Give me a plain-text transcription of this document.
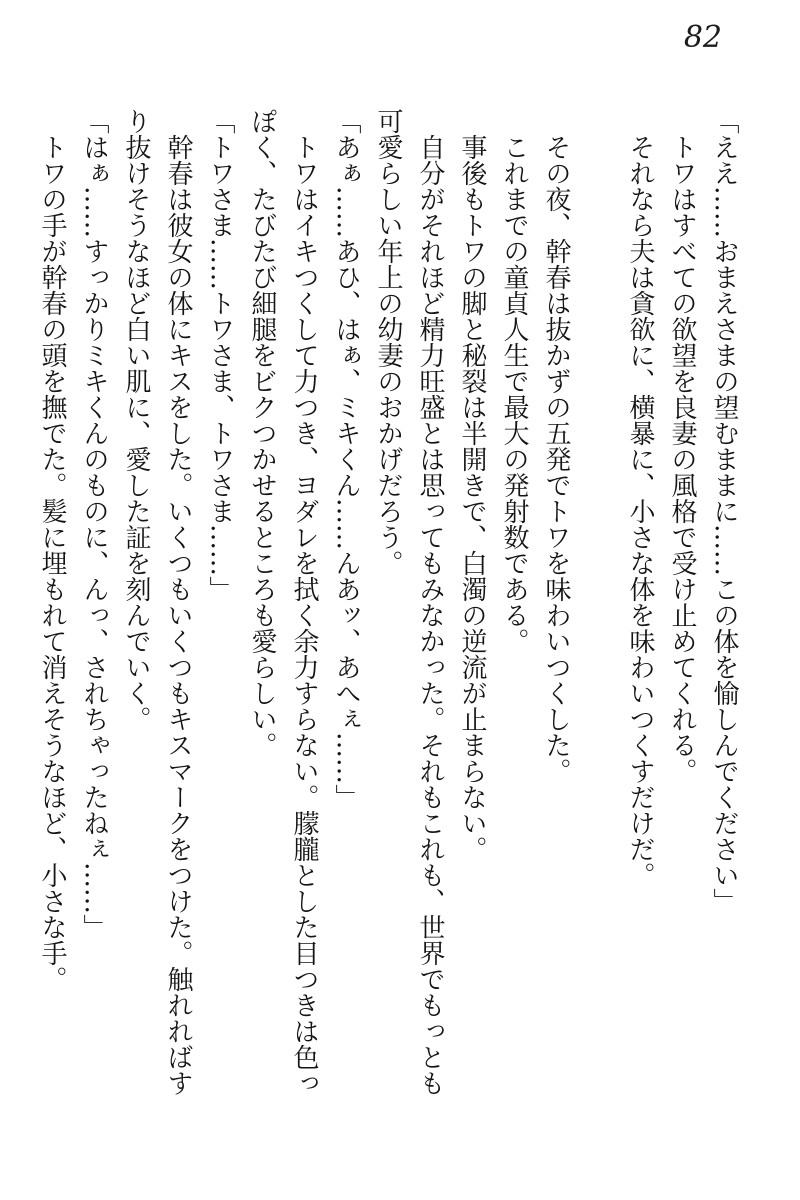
82

「ええ……おまえさまの望むままに……この体を愉しんでください」

トワはすべての欲望を良妻の風格で受け止めてくれる。

それなら夫は貪欲に、横暴に、小さな体を味わいつくすだけだ。

その夜、幹春は抜かずの五発でトワを味わいつくした。

これまでの童貞人生で最大の発射数である。

事後もトワの脚と秘裂は半開きで、白濁の逆流が止まらない。

自分がそれほど精力旺盛とは思ってもみなかった。それもこれも、世界でもっとも可愛らしい年上の幼妻のおかげだろう。

「あぁ……あひ、はぁ、ミキくん……んあッ、あへぇ……」

トワはイキつくして力つき、ヨダレを拭く余力すらない。朦朧とした目つきは色っぽく、たびたび細腿をビクつかせるところも愛らしい。

「トワさま……トワさま、トワさま……」

幹春は彼女の体にキスをした。いくつもいくつもキスマークをつけた。触れればすり抜けそうなほど白い肌に、愛した証を刻んでいく。

「はぁ……すっかりミキくんのものに、んっ、されちゃったねぇ……」

トワの手が幹春の頭を撫でた。髪に埋もれて消えそうなほど、小さな手。
